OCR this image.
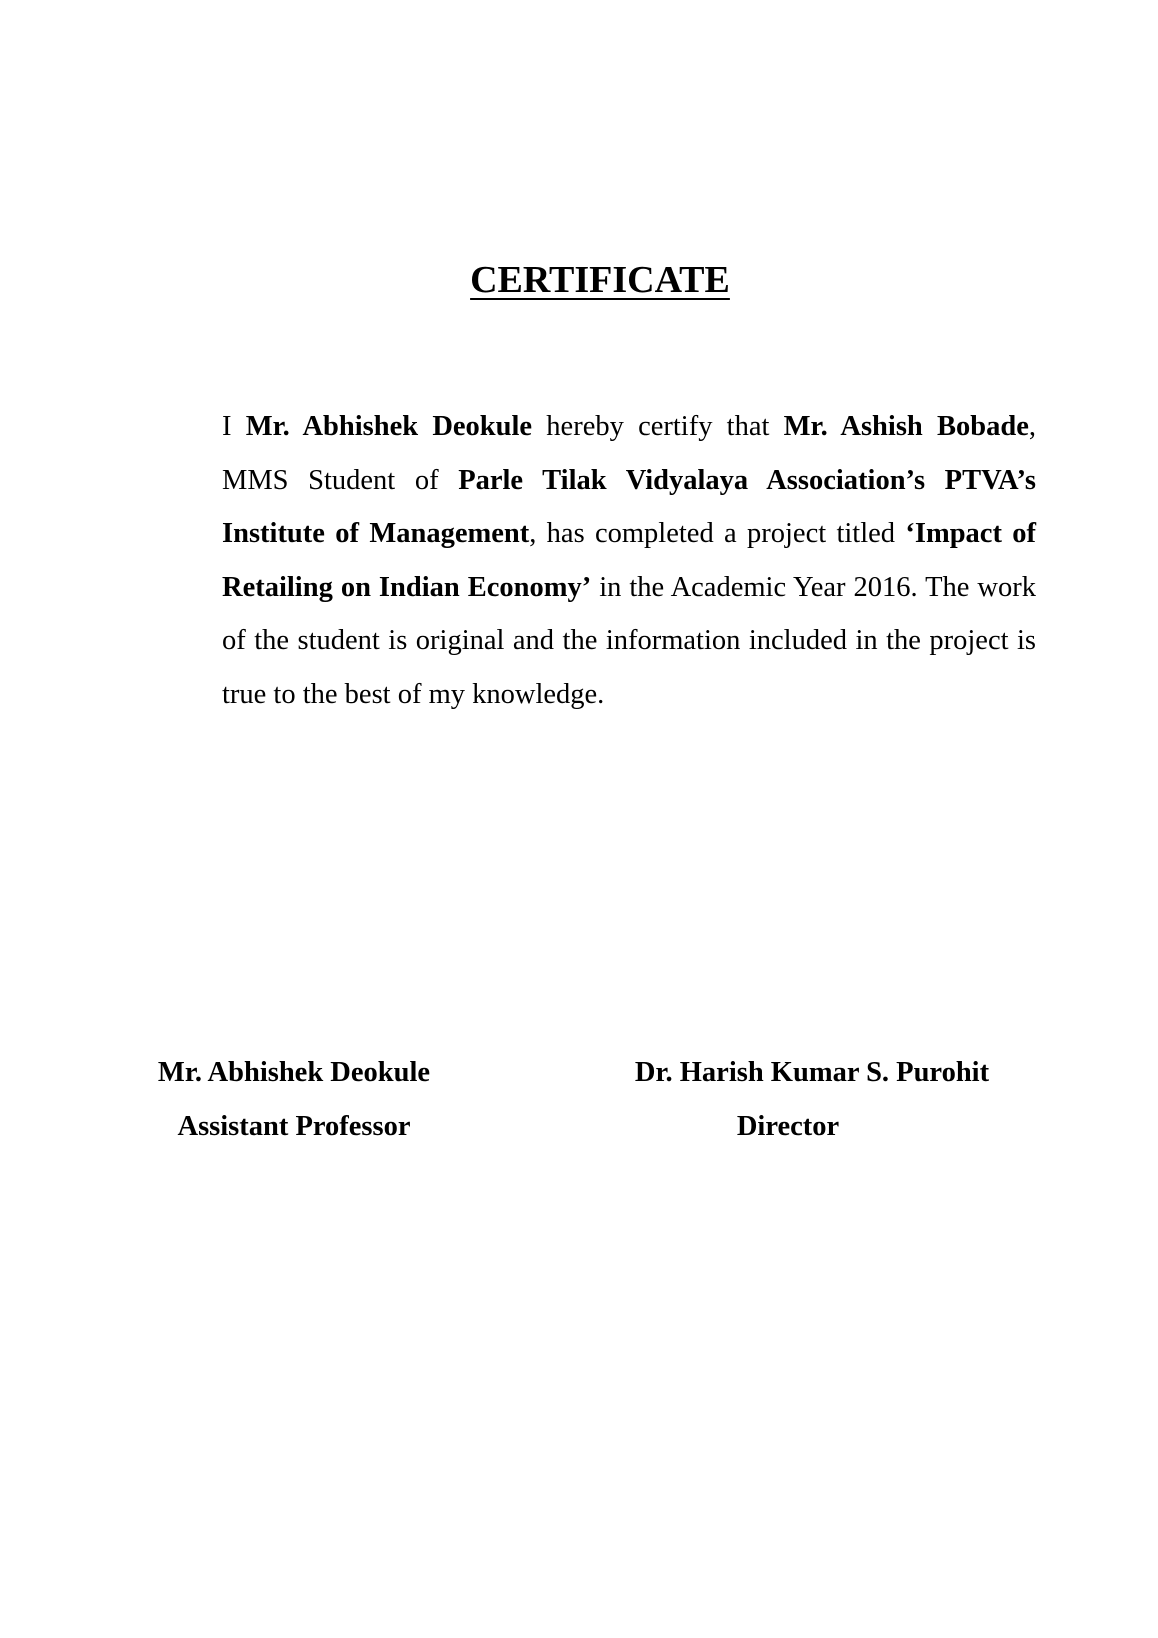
CERTIFICATE
I Mr. Abhishek Deokule hereby certify that Mr. Ashish Bobade, MMS Student of Parle Tilak Vidyalaya Association’s PTVA’s Institute of Management, has completed a project titled ‘Impact of Retailing on Indian Economy’ in the Academic Year 2016. The work of the student is original and the information included in the project is true to the best of my knowledge.
Mr. Abhishek Deokule
Assistant Professor
Dr. Harish Kumar S. Purohit
Director
